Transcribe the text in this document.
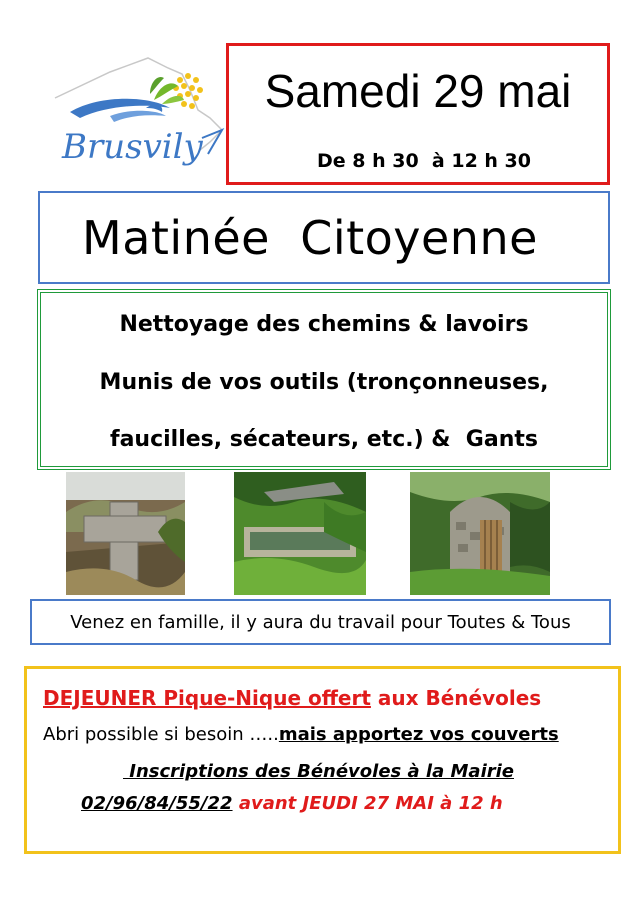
Brusvily
Samedi 29 mai
De 8 h 30  à 12 h 30
Matinée  Citoyenne
Nettoyage des chemins & lavoirs
Munis de vos outils (tronçonneuses,
faucilles, sécateurs, etc.) &  Gants
Venez en famille, il y aura du travail pour Toutes & Tous
DEJEUNER Pique-Nique offert aux Bénévoles
Abri possible si besoin …..mais apportez vos couverts
Inscriptions des Bénévoles à la Mairie
02/96/84/55/22 avant JEUDI 27 MAI à 12 h
